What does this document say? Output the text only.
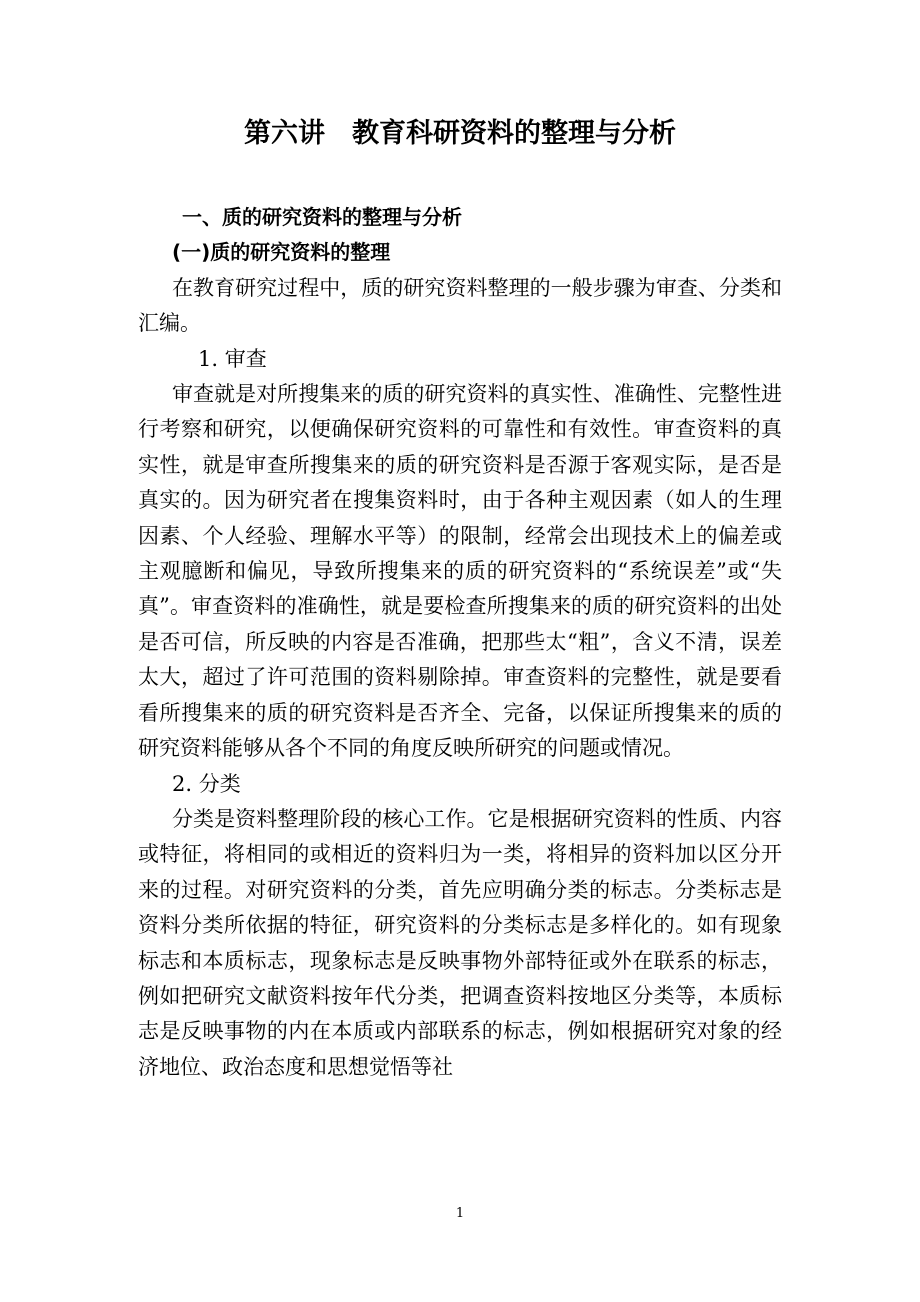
第六讲　教育科研资料的整理与分析

一、质的研究资料的整理与分析

(一)质的研究资料的整理

在教育研究过程中，质的研究资料整理的一般步骤为审查、分类和汇编。

1. 审查

审查就是对所搜集来的质的研究资料的真实性、准确性、完整性进行考察和研究，以便确保研究资料的可靠性和有效性。审查资料的真实性，就是审查所搜集来的质的研究资料是否源于客观实际，是否是真实的。因为研究者在搜集资料时，由于各种主观因素（如人的生理因素、个人经验、理解水平等）的限制，经常会出现技术上的偏差或主观臆断和偏见，导致所搜集来的质的研究资料的“系统误差”或“失真”。审查资料的准确性，就是要检查所搜集来的质的研究资料的出处是否可信，所反映的内容是否准确，把那些太“粗”，含义不清，误差太大，超过了许可范围的资料剔除掉。审查资料的完整性，就是要看看所搜集来的质的研究资料是否齐全、完备，以保证所搜集来的质的研究资料能够从各个不同的角度反映所研究的问题或情况。

2. 分类

分类是资料整理阶段的核心工作。它是根据研究资料的性质、内容或特征，将相同的或相近的资料归为一类，将相异的资料加以区分开来的过程。对研究资料的分类，首先应明确分类的标志。分类标志是资料分类所依据的特征，研究资料的分类标志是多样化的。如有现象标志和本质标志，现象标志是反映事物外部特征或外在联系的标志，例如把研究文献资料按年代分类，把调查资料按地区分类等，本质标志是反映事物的内在本质或内部联系的标志，例如根据研究对象的经济地位、政治态度和思想觉悟等社

1
